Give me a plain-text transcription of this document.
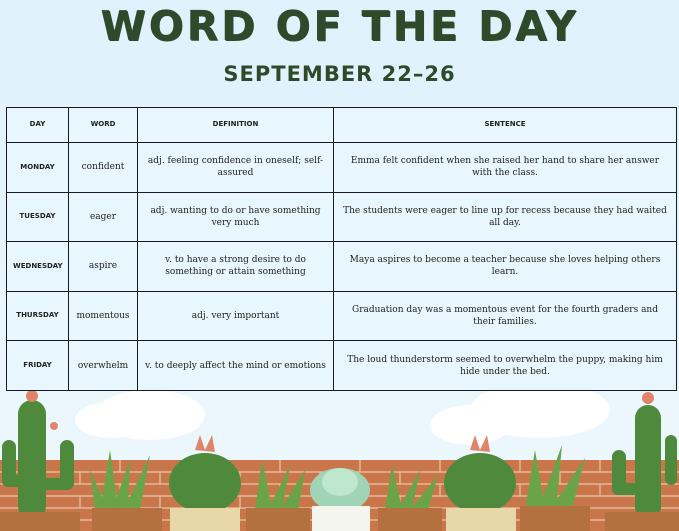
WORD OF THE DAY
SEPTEMBER 22–26
DAY	WORD	DEFINITION	SENTENCE
MONDAY	confident	adj. feeling confidence in oneself; self-assured	Emma felt confident when she raised her hand to share her answer with the class.
TUESDAY	eager	adj. wanting to do or have something very much	The students were eager to line up for recess because they had waited all day.
WEDNESDAY	aspire	v. to have a strong desire to do something or attain something	Maya aspires to become a teacher because she loves helping others learn.
THURSDAY	momentous	adj. very important	Graduation day was a momentous event for the fourth graders and their families.
FRIDAY	overwhelm	v. to deeply affect the mind or emotions	The loud thunderstorm seemed to overwhelm the puppy, making him hide under the bed.
